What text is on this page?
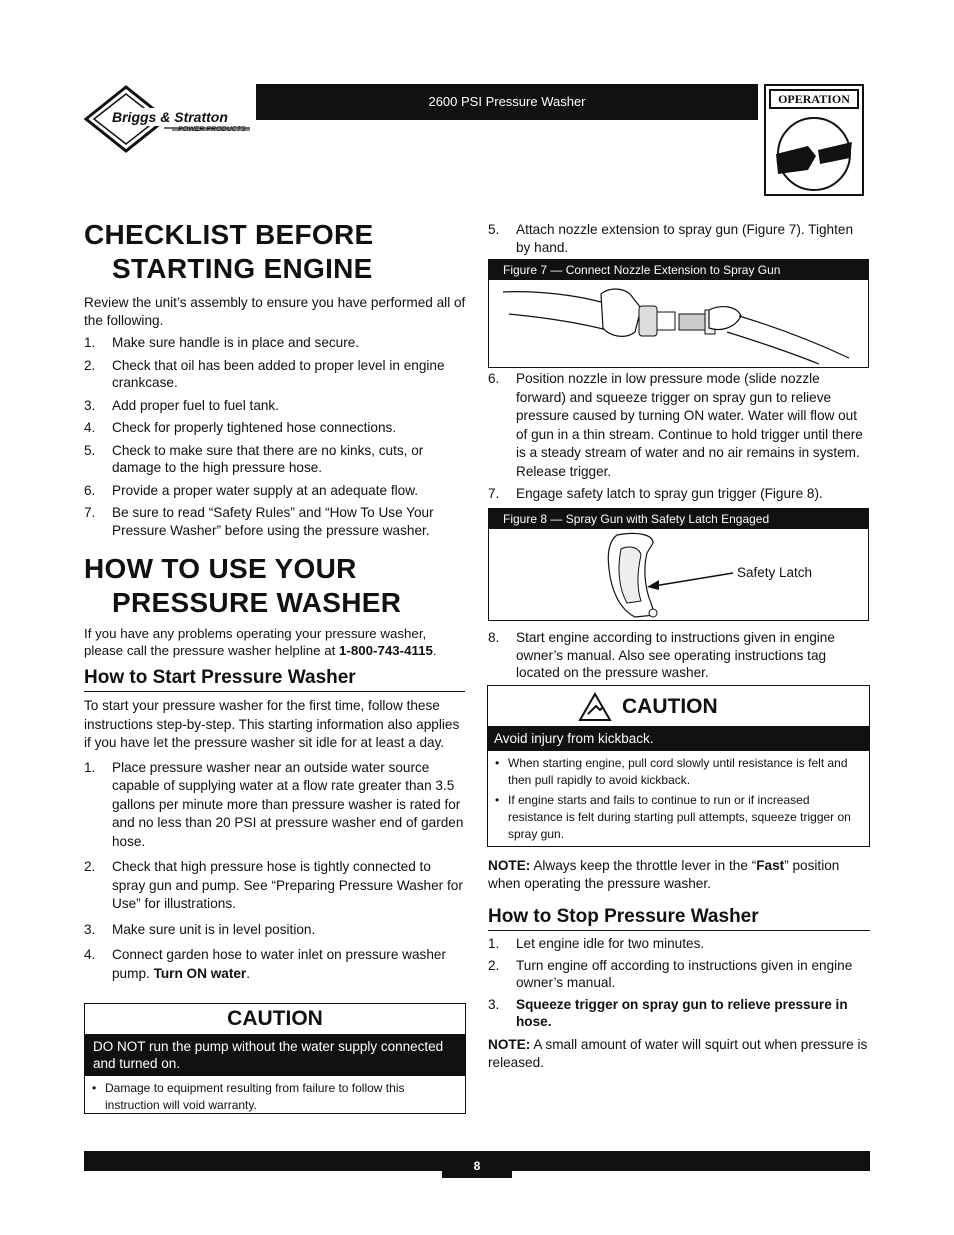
Briggs & Stratton
POWER PRODUCTS
2600 PSI Pressure Washer	OPERATION
CHECKLIST BEFORE
STARTING ENGINE

Review the unit’s assembly to ensure you have performed all of the following.

1. Make sure handle is in place and secure.
2. Check that oil has been added to proper level in engine crankcase.
3. Add proper fuel to fuel tank.
4. Check for properly tightened hose connections.
5. Check to make sure that there are no kinks, cuts, or damage to the high pressure hose.
6. Provide a proper water supply at an adequate flow.
7. Be sure to read “Safety Rules” and “How To Use Your Pressure Washer” before using the pressure washer.
HOW TO USE YOUR
PRESSURE WASHER

If you have any problems operating your pressure washer, please call the pressure washer helpline at 1-800-743-4115.

How to Start Pressure Washer

To start your pressure washer for the first time, follow these instructions step-by-step. This starting information also applies if you have let the pressure washer sit idle for at least a day.

1. Place pressure washer near an outside water source capable of supplying water at a flow rate greater than 3.5 gallons per minute more than pressure washer is rated for and no less than 20 PSI at pressure washer end of garden hose.
2. Check that high pressure hose is tightly connected to spray gun and pump. See “Preparing Pressure Washer for Use” for illustrations.
3. Make sure unit is in level position.
4. Connect garden hose to water inlet on pressure washer pump. Turn ON water.
CAUTION
DO NOT run the pump without the water supply connected and turned on.
• Damage to equipment resulting from failure to follow this instruction will void warranty.
5. Attach nozzle extension to spray gun (Figure 7). Tighten by hand.
Figure 7 — Connect Nozzle Extension to Spray Gun
6. Position nozzle in low pressure mode (slide nozzle forward) and squeeze trigger on spray gun to relieve pressure caused by turning ON water. Water will flow out of gun in a thin stream. Continue to hold trigger until there is a steady stream of water and no air remains in system. Release trigger.
7. Engage safety latch to spray gun trigger (Figure 8).
Figure 8 — Spray Gun with Safety Latch Engaged
Safety Latch
8. Start engine according to instructions given in engine owner’s manual. Also see operating instructions tag located on the pressure washer.
CAUTION
Avoid injury from kickback.
• When starting engine, pull cord slowly until resistance is felt and then pull rapidly to avoid kickback.
• If engine starts and fails to continue to run or if increased resistance is felt during starting pull attempts, squeeze trigger on spray gun.

NOTE: Always keep the throttle lever in the “Fast” position when operating the pressure washer.

How to Stop Pressure Washer
1. Let engine idle for two minutes.
2. Turn engine off according to instructions given in engine owner’s manual.
3. Squeeze trigger on spray gun to relieve pressure in hose.

NOTE: A small amount of water will squirt out when pressure is released.

8
